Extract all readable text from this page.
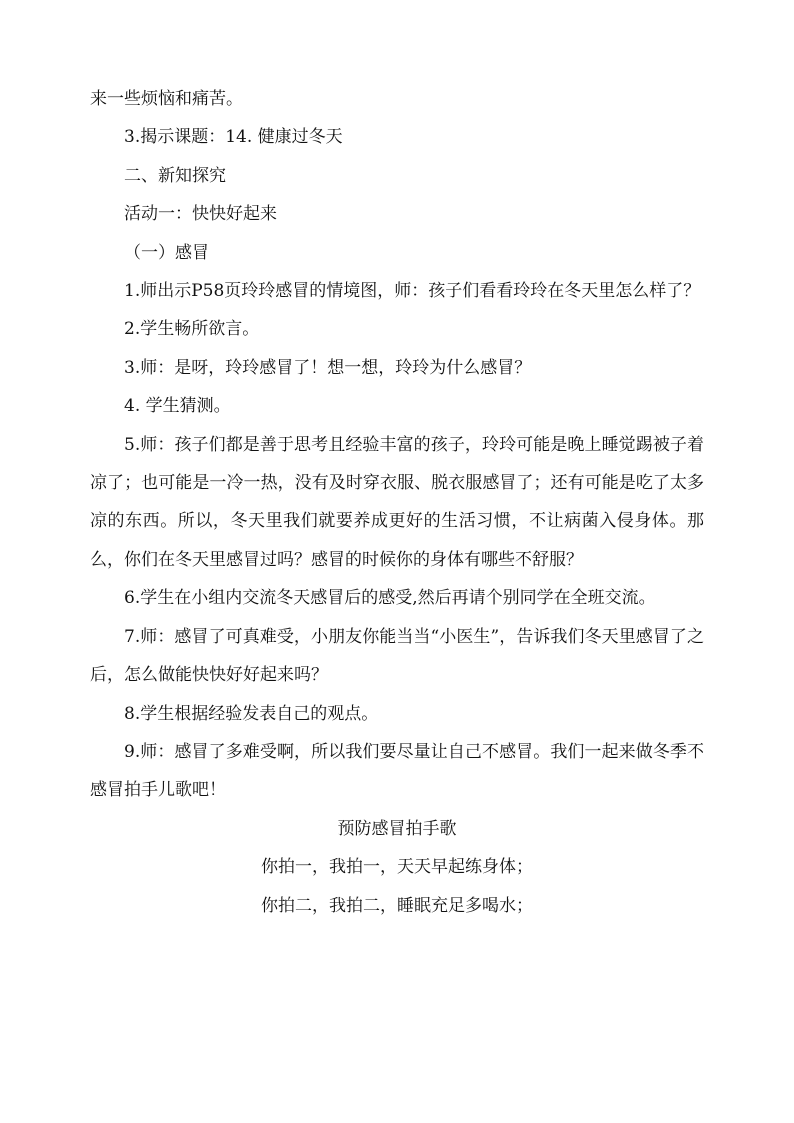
来一些烦恼和痛苦。

3.揭示课题：14. 健康过冬天

二、新知探究

活动一：快快好起来

（一）感冒

1.师出示P58页玲玲感冒的情境图，师：孩子们看看玲玲在冬天里怎么样了？

2.学生畅所欲言。

3.师：是呀，玲玲感冒了！想一想，玲玲为什么感冒？

4. 学生猜测。

5.师：孩子们都是善于思考且经验丰富的孩子，玲玲可能是晚上睡觉踢被子着凉了；也可能是一冷一热，没有及时穿衣服、脱衣服感冒了；还有可能是吃了太多凉的东西。所以，冬天里我们就要养成更好的生活习惯，不让病菌入侵身体。那么，你们在冬天里感冒过吗？感冒的时候你的身体有哪些不舒服？

6.学生在小组内交流冬天感冒后的感受,然后再请个别同学在全班交流。

7.师：感冒了可真难受，小朋友你能当当“小医生”，告诉我们冬天里感冒了之后，怎么做能快快好好起来吗？

8.学生根据经验发表自己的观点。

9.师：感冒了多难受啊，所以我们要尽量让自己不感冒。我们一起来做冬季不感冒拍手儿歌吧！

预防感冒拍手歌

你拍一，我拍一，天天早起练身体；

你拍二，我拍二，睡眠充足多喝水；
